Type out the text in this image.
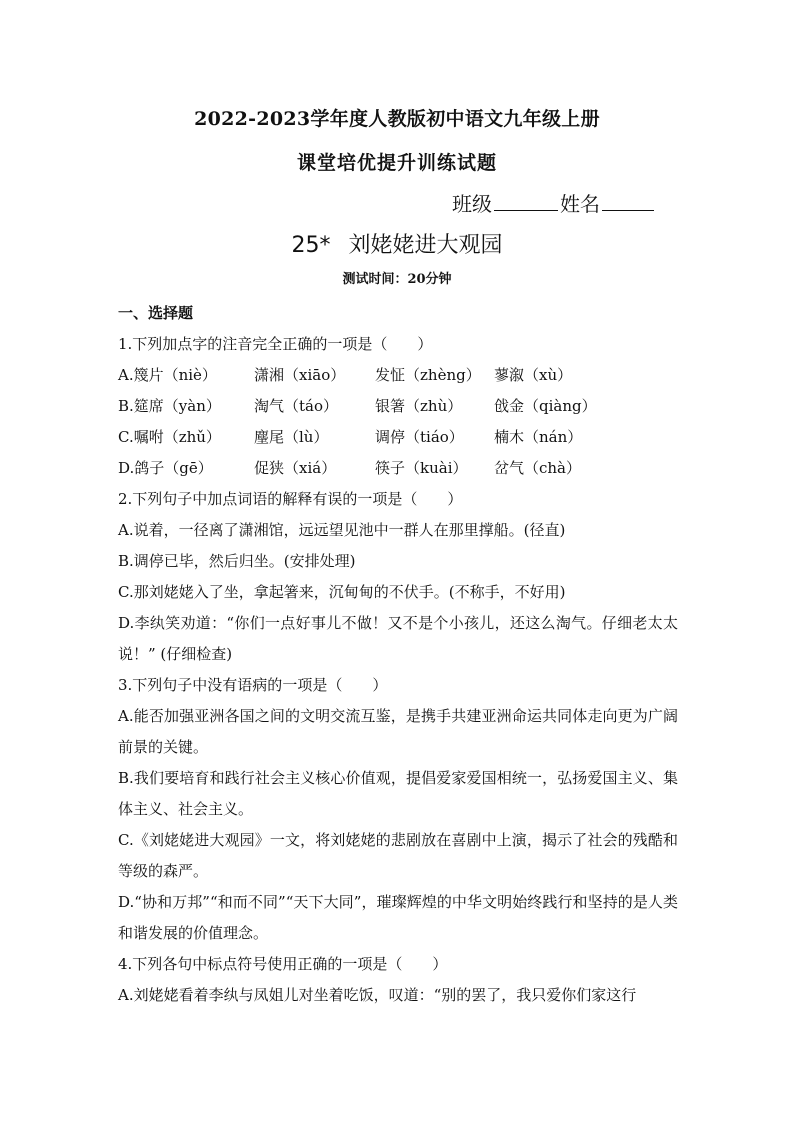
2022-2023学年度人教版初中语文九年级上册
课堂培优提升训练试题
班级	姓名
25* 刘姥姥进大观园
测试时间：20分钟
一、选择题
1.下列加点字的注音完全正确的一项是（　　）
A.篾片（niè） 潇湘（xiāo） 发怔（zhèng） 蓼溆（xù）
B.筵席（yàn） 淘气（táo） 银箸（zhù） 戗金（qiàng）
C.嘱咐（zhǔ） 麈尾（lù）	调停（tiáo） 楠木（nán）
D.鸽子（gē）	促狭（xiá）	筷子（kuài） 岔气（chà）
2.下列句子中加点词语的解释有误的一项是（　　）
A.说着，一径离了潇湘馆，远远望见池中一群人在那里撑船。(径直)
B.调停已毕，然后归坐。(安排处理)
C.那刘姥姥入了坐，拿起箸来，沉甸甸的不伏手。(不称手，不好用)
D.李纨笑劝道：“你们一点好事儿不做！又不是个小孩儿，还这么淘气。仔细老太太说！” (仔细检查)
3.下列句子中没有语病的一项是（　　）
A.能否加强亚洲各国之间的文明交流互鉴，是携手共建亚洲命运共同体走向更为广阔前景的关键。
B.我们要培育和践行社会主义核心价值观，提倡爱家爱国相统一，弘扬爱国主义、集体主义、社会主义。
C.《刘姥姥进大观园》一文，将刘姥姥的悲剧放在喜剧中上演，揭示了社会的残酷和等级的森严。
D.“协和万邦”“和而不同”“天下大同”，璀璨辉煌的中华文明始终践行和坚持的是人类和谐发展的价值理念。
4.下列各句中标点符号使用正确的一项是（　　）
A.刘姥姥看着李纨与凤姐儿对坐着吃饭，叹道：“别的罢了，我只爱你们家这行
